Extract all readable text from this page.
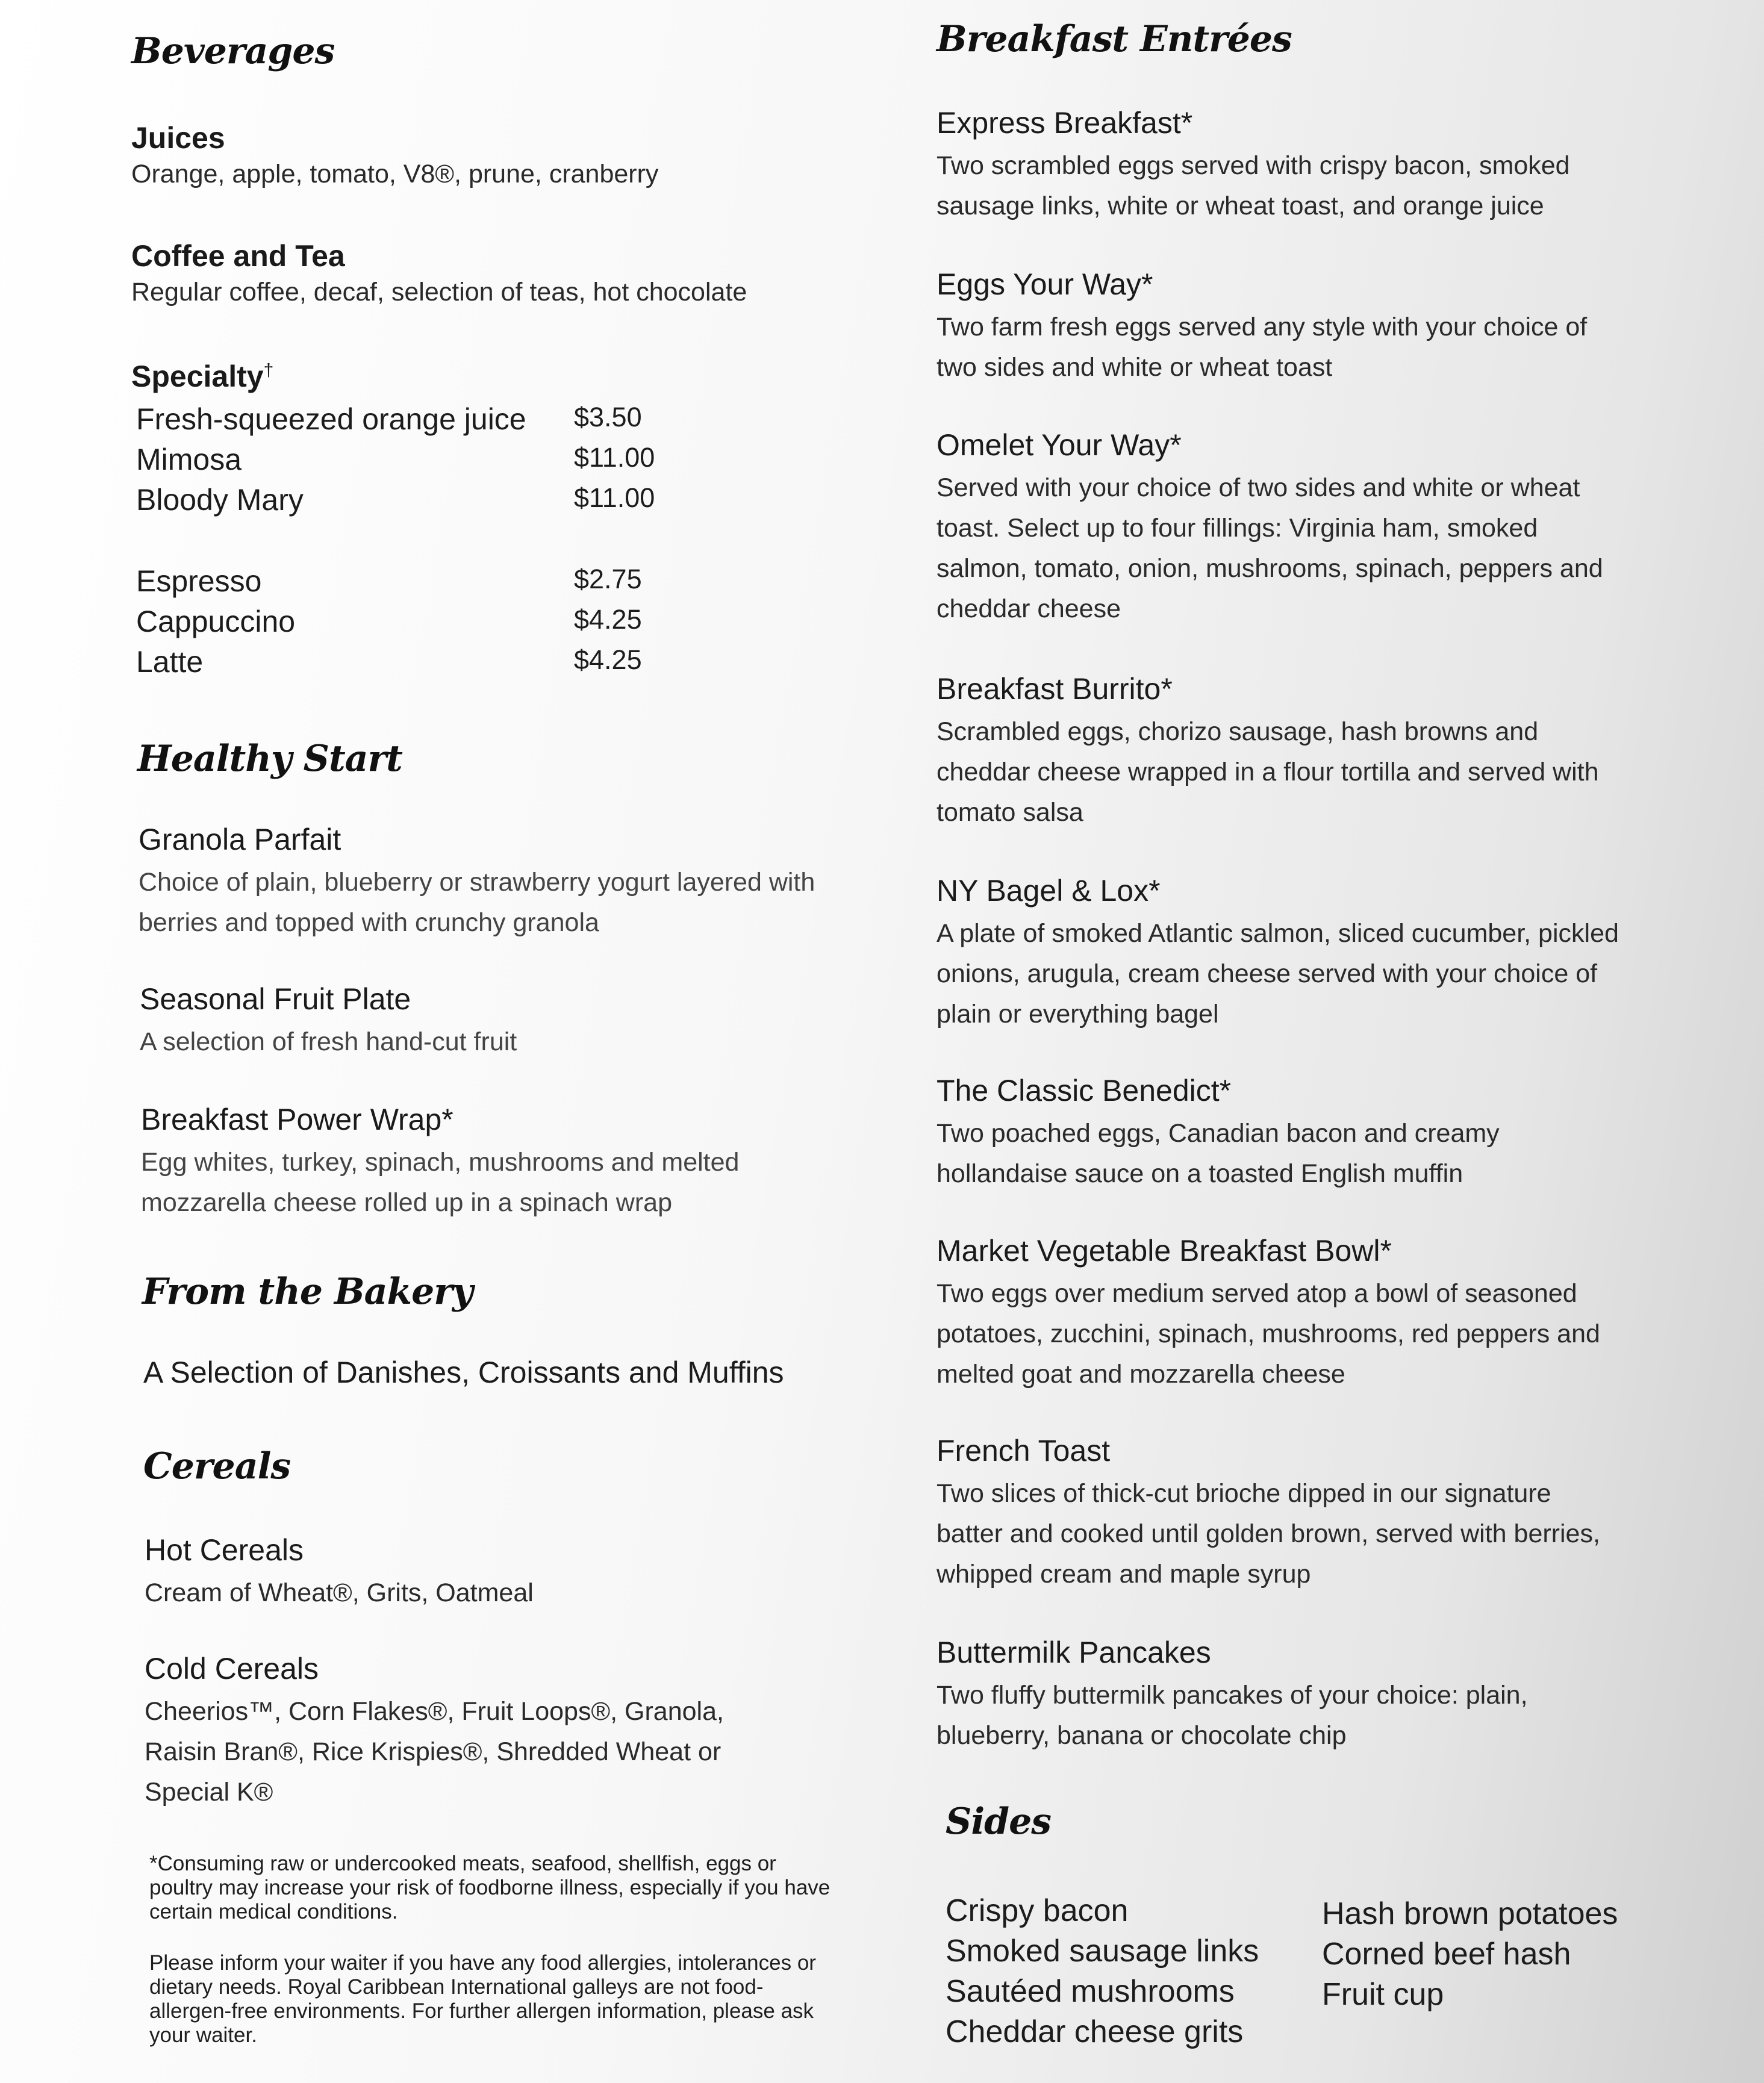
Beverages
Juices
Orange, apple, tomato, V8®, prune, cranberry
Coffee and Tea
Regular coffee, decaf, selection of teas, hot chocolate
Specialty†
Fresh-squeezed orange juice $3.50
Mimosa	$11.00
Bloody Mary	$11.00
Espresso	$2.75
Cappuccino	$4.25
Latte	$4.25
Healthy Start
Granola Parfait
Choice of plain, blueberry or strawberry yogurt layered with berries and topped with crunchy granola
Seasonal Fruit Plate
A selection of fresh hand-cut fruit
Breakfast Power Wrap*
Egg whites, turkey, spinach, mushrooms and melted mozzarella cheese rolled up in a spinach wrap
From the Bakery
A Selection of Danishes, Croissants and Muffins
Cereals
Hot Cereals
Cream of Wheat®, Grits, Oatmeal
Cold Cereals
Cheerios™, Corn Flakes®, Fruit Loops®, Granola, Raisin Bran®, Rice Krispies®, Shredded Wheat or Special K®
*Consuming raw or undercooked meats, seafood, shellfish, eggs or poultry may increase your risk of foodborne illness, especially if you have certain medical conditions.
Please inform your waiter if you have any food allergies, intolerances or dietary needs. Royal Caribbean International galleys are not food-allergen-free environments. For further allergen information, please ask your waiter.
Breakfast Entrées
Express Breakfast*
Two scrambled eggs served with crispy bacon, smoked sausage links, white or wheat toast, and orange juice
Eggs Your Way*
Two farm fresh eggs served any style with your choice of two sides and white or wheat toast
Omelet Your Way*
Served with your choice of two sides and white or wheat toast. Select up to four fillings: Virginia ham, smoked salmon, tomato, onion, mushrooms, spinach, peppers and cheddar cheese
Breakfast Burrito*
Scrambled eggs, chorizo sausage, hash browns and cheddar cheese wrapped in a flour tortilla and served with tomato salsa
NY Bagel & Lox*
A plate of smoked Atlantic salmon, sliced cucumber, pickled onions, arugula, cream cheese served with your choice of plain or everything bagel
The Classic Benedict*
Two poached eggs, Canadian bacon and creamy hollandaise sauce on a toasted English muffin
Market Vegetable Breakfast Bowl*
Two eggs over medium served atop a bowl of seasoned potatoes, zucchini, spinach, mushrooms, red peppers and melted goat and mozzarella cheese
French Toast
Two slices of thick-cut brioche dipped in our signature batter and cooked until golden brown, served with berries, whipped cream and maple syrup
Buttermilk Pancakes
Two fluffy buttermilk pancakes of your choice: plain, blueberry, banana or chocolate chip
Sides
Crispy bacon
Smoked sausage links
Sautéed mushrooms
Cheddar cheese grits
Hash brown potatoes
Corned beef hash
Fruit cup
